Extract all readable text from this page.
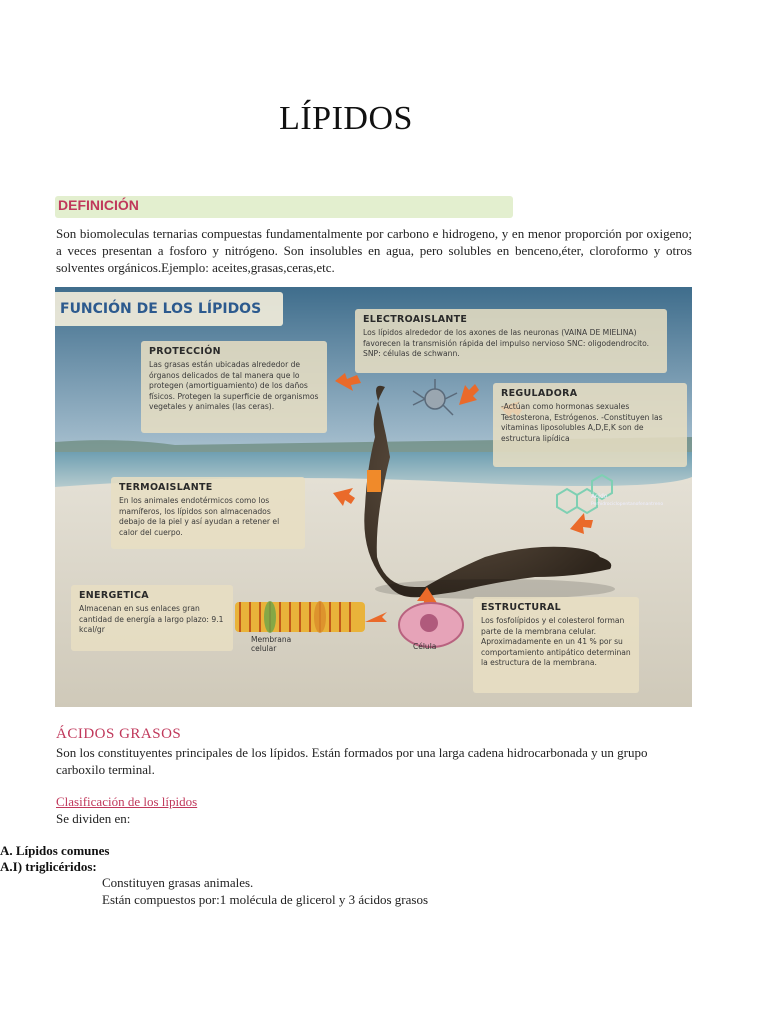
LÍPIDOS
DEFINICIÓN
Son biomoleculas ternarias compuestas fundamentalmente por carbono e hidrogeno, y en menor proporción por oxigeno; a veces presentan a fosforo y nitrógeno. Son insolubles en agua, pero solubles en benceno,éter, cloroformo y otros solventes orgánicos.Ejemplo: aceites,grasas,ceras,etc.
FUNCIÓN DE LOS LÍPIDOS
PROTECCIÓN
Las grasas están ubicadas alrededor de órganos delicados de tal manera que lo protegen (amortiguamiento) de los daños físicos. Protegen la superficie de organismos vegetales y animales (las ceras).
ELECTROAISLANTE
Los lípidos alrededor de los axones de las neuronas (VAINA DE MIELINA) favorecen la transmisión rápida del impulso nervioso SNC: oligodendrocito. SNP: células de schwann.
REGULADORA
-Actúan como hormonas sexuales Testosterona, Estrógenos. -Constituyen las vitaminas liposolubles A,D,E,K son de estructura lipídica
TERMOAISLANTE
En los animales endotérmicos como los mamíferos, los lípidos son almacenados debajo de la piel y así ayudan a retener el calor del cuerpo.
ENERGETICA
Almacenan en sus enlaces gran cantidad de energía a largo plazo: 9.1 kcal/gr
ESTRUCTURAL
Los fosfolípidos y el colesterol forman parte de la membrana celular. Aproximadamente en un 41 % por su comportamiento antipático determinan la estructura de la membrana.
Membrana celular	Célula
Ácido
Perhidrociclopentanofenantreno
ÁCIDOS GRASOS
Son los constituyentes principales de los lípidos. Están formados por una larga cadena hidrocarbonada y un grupo carboxilo terminal.
Clasificación de los lípidos
Se dividen en:
A. Lípidos comunes
A.I) triglicéridos:
Constituyen grasas animales.
Están compuestos por:1 molécula de glicerol y 3 ácidos grasos
